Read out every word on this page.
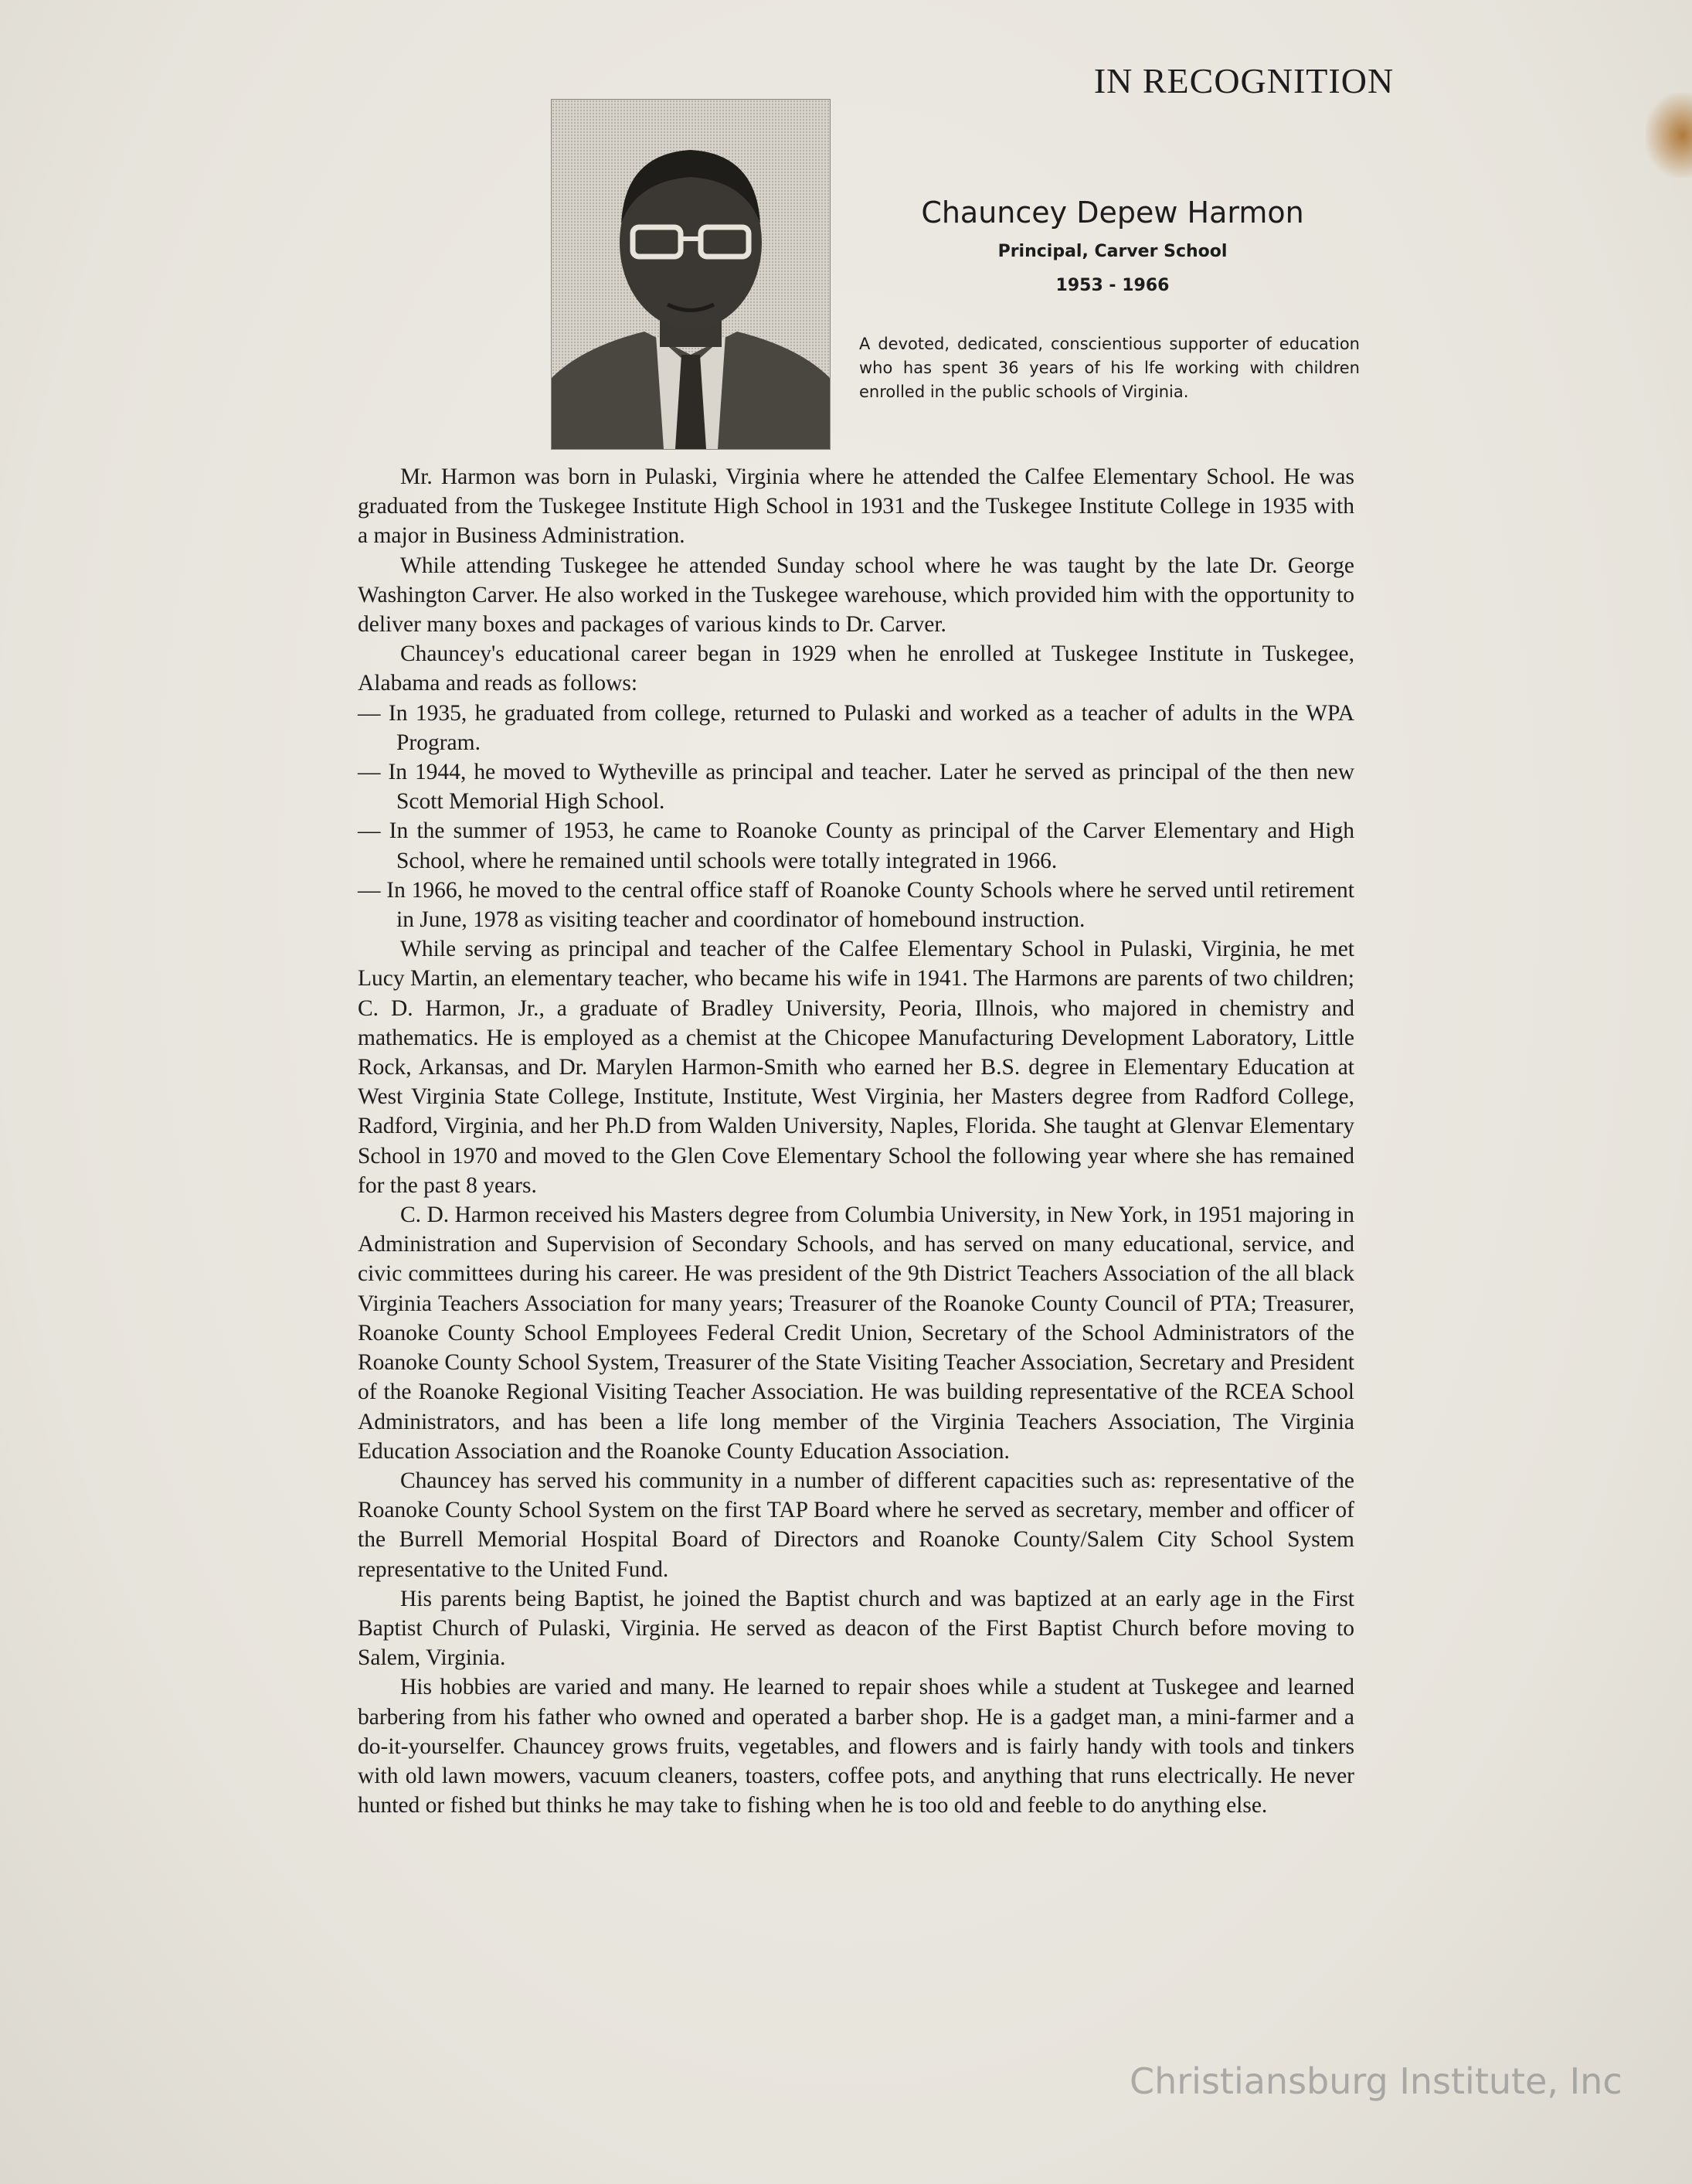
IN RECOGNITION
Chauncey Depew Harmon
Principal, Carver School
1953 - 1966
A devoted, dedicated, conscientious supporter of education who has spent 36 years of his lfe working with children enrolled in the public schools of Virginia.

Mr. Harmon was born in Pulaski, Virginia where he attended the Calfee Elementary School. He was graduated from the Tuskegee Institute High School in 1931 and the Tuskegee Institute College in 1935 with a major in Business Administration.

While attending Tuskegee he attended Sunday school where he was taught by the late Dr. George Washington Carver. He also worked in the Tuskegee warehouse, which provided him with the opportunity to deliver many boxes and packages of various kinds to Dr. Carver.

Chauncey's educational career began in 1929 when he enrolled at Tuskegee Institute in Tuskegee, Alabama and reads as follows:

— In 1935, he graduated from college, returned to Pulaski and worked as a teacher of adults in the WPA Program.

— In 1944, he moved to Wytheville as principal and teacher. Later he served as principal of the then new Scott Memorial High School.

— In the summer of 1953, he came to Roanoke County as principal of the Carver Elementary and High School, where he remained until schools were totally integrated in 1966.

— In 1966, he moved to the central office staff of Roanoke County Schools where he served until retirement in June, 1978 as visiting teacher and coordinator of homebound instruction.

While serving as principal and teacher of the Calfee Elementary School in Pulaski, Virginia, he met Lucy Martin, an elementary teacher, who became his wife in 1941. The Harmons are parents of two children; C. D. Harmon, Jr., a graduate of Bradley University, Peoria, Illnois, who majored in chemistry and mathematics. He is employed as a chemist at the Chicopee Manufacturing Development Laboratory, Little Rock, Arkansas, and Dr. Marylen Harmon-Smith who earned her B.S. degree in Elementary Education at West Virginia State College, Institute, Institute, West Virginia, her Masters degree from Radford College, Radford, Virginia, and her Ph.D from Walden University, Naples, Florida. She taught at Glenvar Elementary School in 1970 and moved to the Glen Cove Elementary School the following year where she has remained for the past 8 years.

C. D. Harmon received his Masters degree from Columbia University, in New York, in 1951 majoring in Administration and Supervision of Secondary Schools, and has served on many educational, service, and civic committees during his career. He was president of the 9th District Teachers Association of the all black Virginia Teachers Association for many years; Treasurer of the Roanoke County Council of PTA; Treasurer, Roanoke County School Employees Federal Credit Union, Secretary of the School Administrators of the Roanoke County School System, Treasurer of the State Visiting Teacher Association, Secretary and President of the Roanoke Regional Visiting Teacher Association. He was building representative of the RCEA School Administrators, and has been a life long member of the Virginia Teachers Association, The Virginia Education Association and the Roanoke County Education Association.

Chauncey has served his community in a number of different capacities such as: representative of the Roanoke County School System on the first TAP Board where he served as secretary, member and officer of the Burrell Memorial Hospital Board of Directors and Roanoke County/Salem City School System representative to the United Fund.

His parents being Baptist, he joined the Baptist church and was baptized at an early age in the First Baptist Church of Pulaski, Virginia. He served as deacon of the First Baptist Church before moving to Salem, Virginia.

His hobbies are varied and many. He learned to repair shoes while a student at Tuskegee and learned barbering from his father who owned and operated a barber shop. He is a gadget man, a mini-farmer and a do-it-yourselfer. Chauncey grows fruits, vegetables, and flowers and is fairly handy with tools and tinkers with old lawn mowers, vacuum cleaners, toasters, coffee pots, and anything that runs electrically. He never hunted or fished but thinks he may take to fishing when he is too old and feeble to do anything else.

Christiansburg Institute, Inc
